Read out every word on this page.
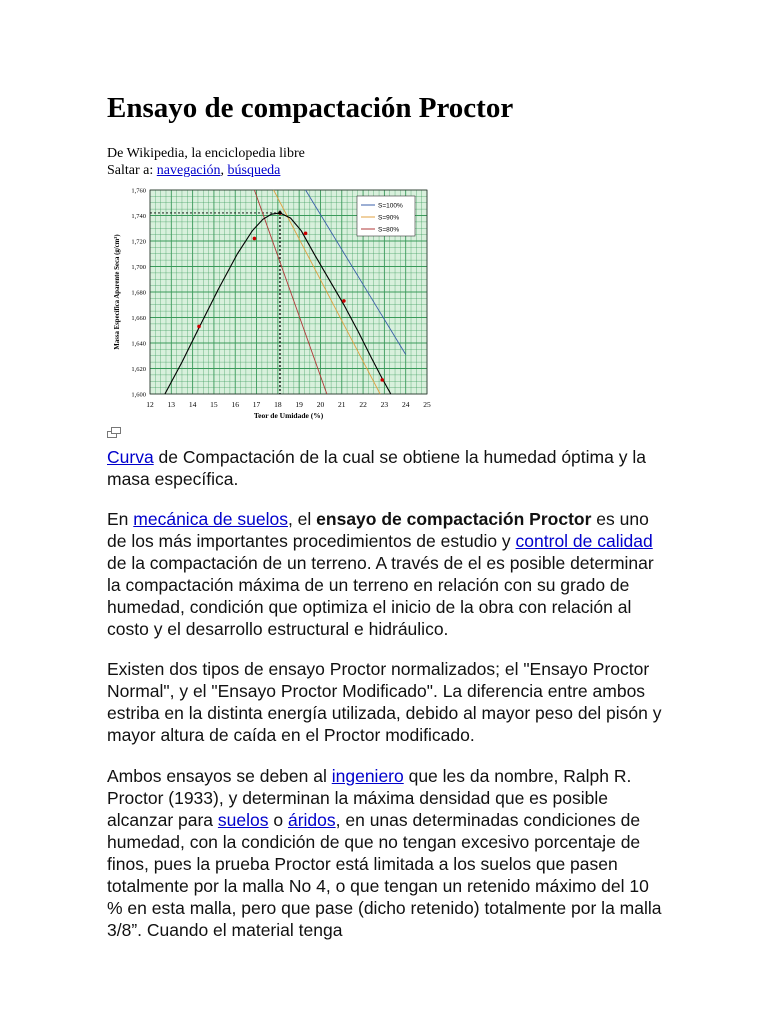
Ensayo de compactación Proctor
De Wikipedia, la enciclopedia libre
Saltar a: navegación, búsqueda
12 13 14 15 16 17 18 19 20 21 22 23 24 25
1,600
1,620
1,640
1,660
1,680
1,700
1,720
1,740
1,760
S=100%
S=90%
S=80%
Teor de Umidade (%)
Massa Específica Aparente Seca (g/cm³)

Curva de Compactación de la cual se obtiene la humedad óptima y la masa específica.

En mecánica de suelos, el ensayo de compactación Proctor es uno de los más importantes procedimientos de estudio y control de calidad de la compactación de un terreno. A través de el es posible determinar la compactación máxima de un terreno en relación con su grado de humedad, condición que optimiza el inicio de la obra con relación al costo y el desarrollo estructural e hidráulico.

Existen dos tipos de ensayo Proctor normalizados; el "Ensayo Proctor Normal", y el "Ensayo Proctor Modificado". La diferencia entre ambos estriba en la distinta energía utilizada, debido al mayor peso del pisón y mayor altura de caída en el Proctor modificado.

Ambos ensayos se deben al ingeniero que les da nombre, Ralph R. Proctor (1933), y determinan la máxima densidad que es posible alcanzar para suelos o áridos, en unas determinadas condiciones de humedad, con la condición de que no tengan excesivo porcentaje de finos, pues la prueba Proctor está limitada a los suelos que pasen totalmente por la malla No 4, o que tengan un retenido máximo del 10 % en esta malla, pero que pase (dicho retenido) totalmente por la malla 3/8”. Cuando el material tenga
